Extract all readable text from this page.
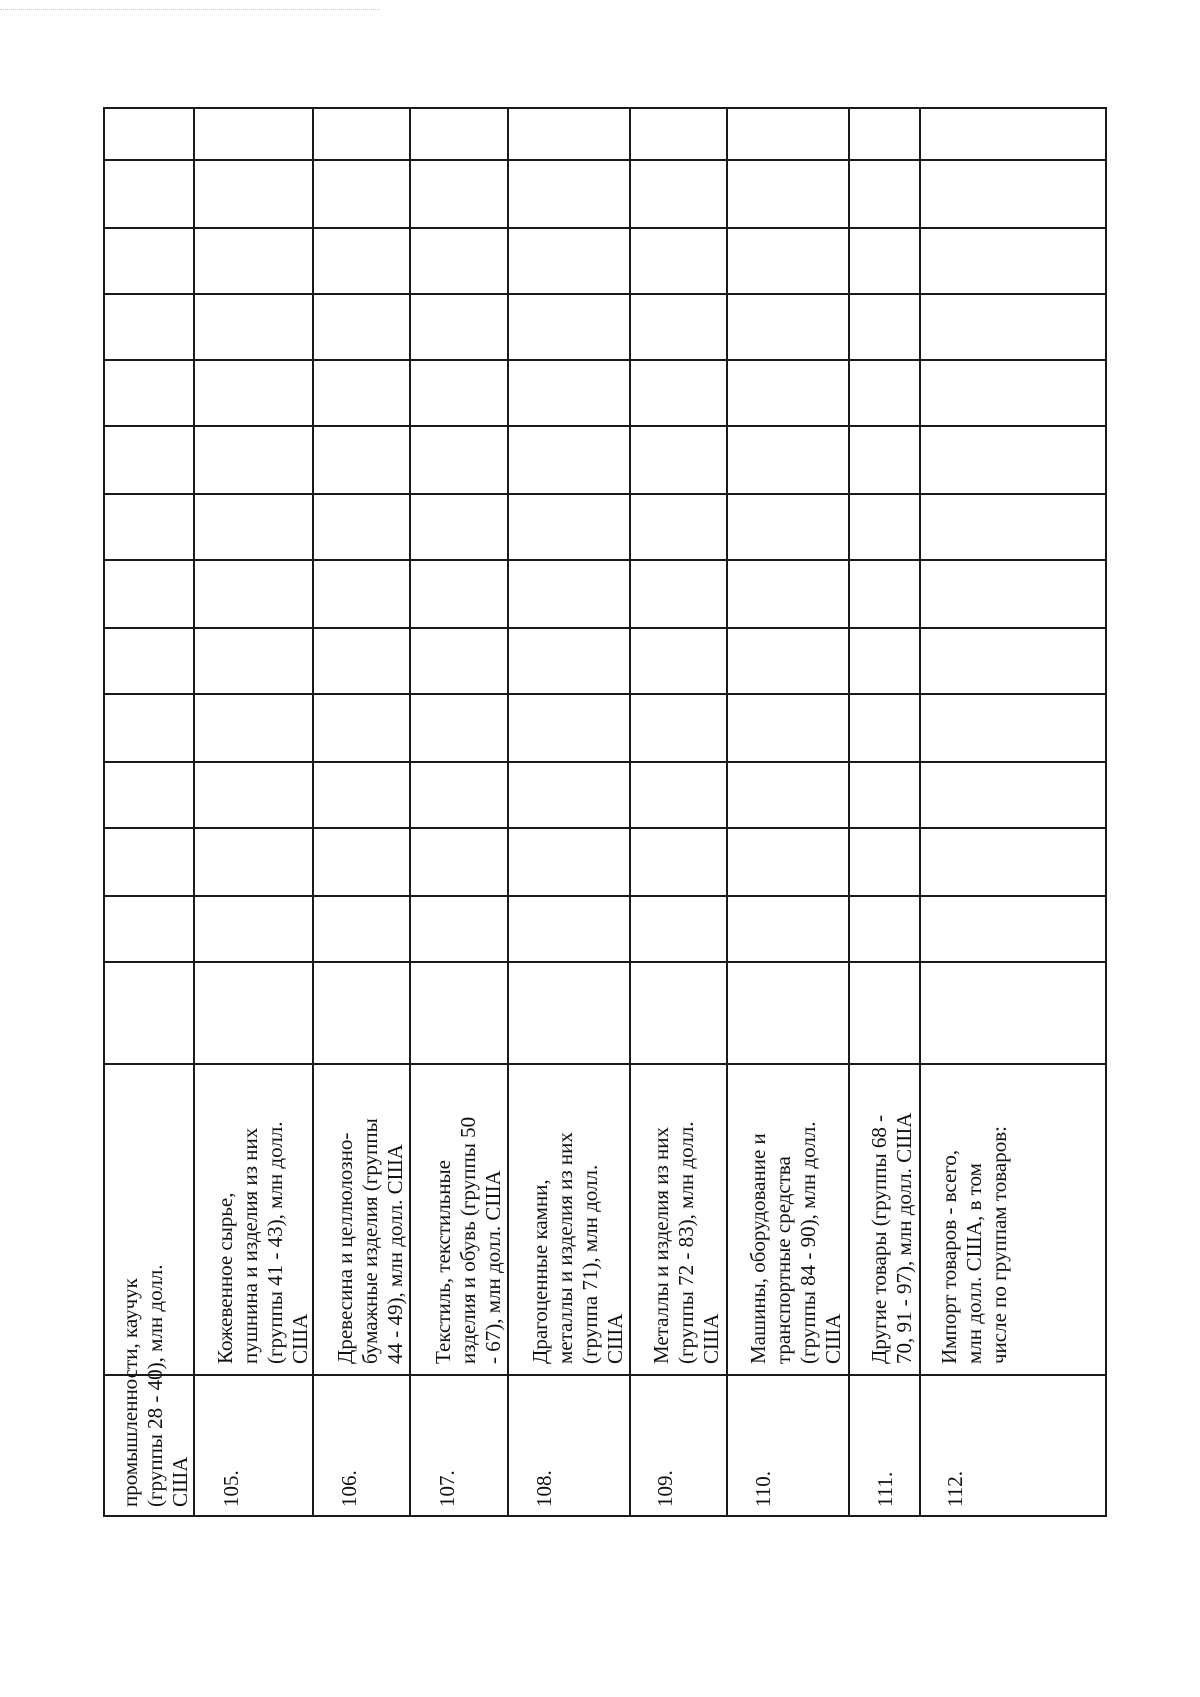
промышленности, каучук
(группы 28 - 40), млн долл.
США 105.
Кожевенное сырье,
пушнина и изделия из них
(группы 41 - 43), млн долл.
США
106.
Древесина и целлюлозно-
бумажные изделия (группы
44 - 49), млн долл. США
107.
Текстиль, текстильные
изделия и обувь (группы 50
- 67), млн долл. США
108.
Драгоценные камни,
металлы и изделия из них
(группа 71), млн долл.
США
109.
Металлы и изделия из них
(группы 72 - 83), млн долл.
США
110.
Машины, оборудование и
транспортные средства
(группы 84 - 90), млн долл.
США
111.
Другие товары (группы 68 -
70, 91 - 97), млн долл. США
112.
Импорт товаров - всего,
млн долл. США, в том
числе по группам товаров:
